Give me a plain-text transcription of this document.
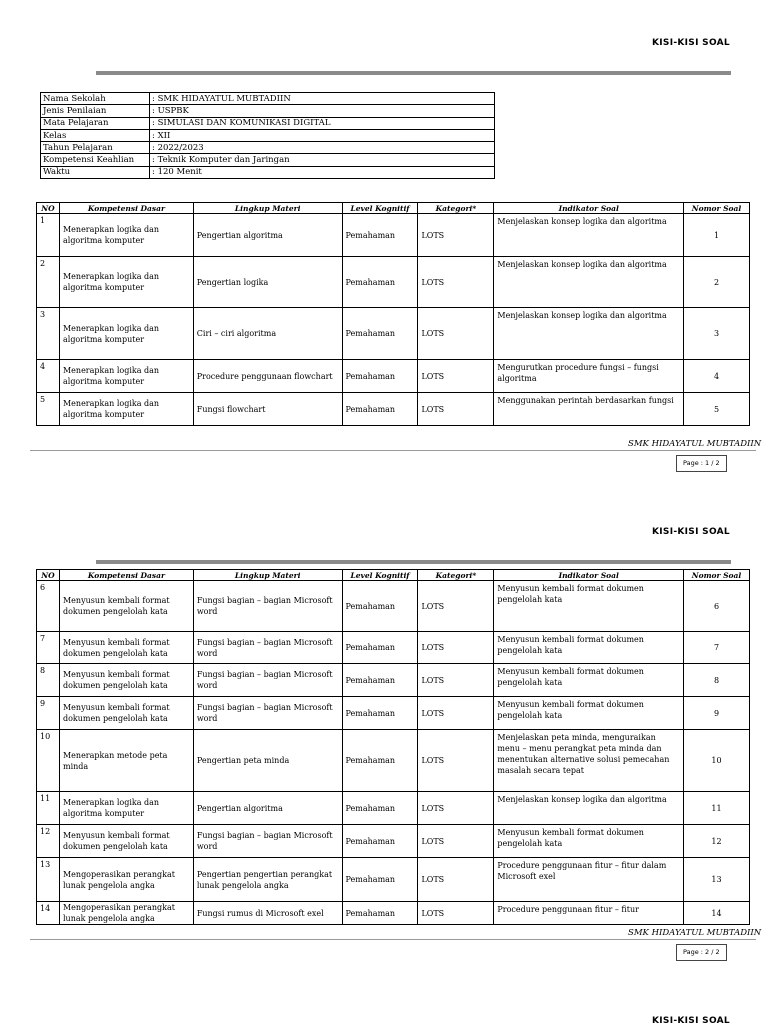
KISI-KISI SOAL
Nama Sekolah	: SMK HIDAYATUL MUBTADIIN
Jenis Penilaian	: USPBK
Mata Pelajaran	: SIMULASI DAN KOMUNIKASI DIGITAL
Kelas	: XII
Tahun Pelajaran	: 2022/2023
Kompetensi Keahlian	: Teknik Komputer dan Jaringan
Waktu	: 120 Menit
NO	Kompetensi Dasar	Lingkup Materi	Level Kognitif	Kategori*	Indikator Soal	Nomor Soal
1	Menerapkan logika dan algoritma komputer	Pengertian algoritma	Pemahaman	LOTS	Menjelaskan konsep logika dan algoritma	1
2	Menerapkan logika dan algoritma komputer	Pengertian logika	Pemahaman	LOTS	Menjelaskan konsep logika dan algoritma	2
3	Menerapkan logika dan algoritma komputer	Ciri – ciri algoritma	Pemahaman	LOTS	Menjelaskan konsep logika dan algoritma	3
4	Menerapkan logika dan algoritma komputer	Procedure penggunaan flowchart	Pemahaman	LOTS	Mengurutkan procedure fungsi – fungsi algoritma	4
5	Menerapkan logika dan algoritma komputer	Fungsi flowchart	Pemahaman	LOTS	Menggunakan perintah berdasarkan fungsi	5
SMK HIDAYATUL MUBTADIIN
Page : 1 / 2
KISI-KISI SOAL
NO	Kompetensi Dasar	Lingkup Materi	Level Kognitif	Kategori*	Indikator Soal	Nomor Soal
6	Menyusun kembali format dokumen pengelolah kata	Fungsi bagian – bagian Microsoft word	Pemahaman	LOTS	Menyusun kembali format dokumen pengelolah kata	6
7	Menyusun kembali format dokumen pengelolah kata	Fungsi bagian – bagian Microsoft word	Pemahaman	LOTS	Menyusun kembali format dokumen pengelolah kata	7
8	Menyusun kembali format dokumen pengelolah kata	Fungsi bagian – bagian Microsoft word	Pemahaman	LOTS	Menyusun kembali format dokumen pengelolah kata	8
9	Menyusun kembali format dokumen pengelolah kata	Fungsi bagian – bagian Microsoft word	Pemahaman	LOTS	Menyusun kembali format dokumen pengelolah kata	9
10	Menerapkan metode peta minda	Pengertian peta minda	Pemahaman	LOTS	Menjelaskan peta minda, menguraikan menu – menu perangkat peta minda dan menentukan alternative solusi pemecahan masalah secara tepat	10
11	Menerapkan logika dan algoritma komputer	Pengertian algoritma	Pemahaman	LOTS	Menjelaskan konsep logika dan algoritma	11
12	Menyusun kembali format dokumen pengelolah kata	Fungsi bagian – bagian Microsoft word	Pemahaman	LOTS	Menyusun kembali format dokumen pengelolah kata	12
13	Mengoperasikan perangkat lunak pengelola angka	Pengertian pengertian perangkat lunak pengelola angka	Pemahaman	LOTS	Procedure penggunaan fitur – fitur dalam Microsoft exel	13
14	Mengoperasikan perangkat lunak pengelola angka	Fungsi rumus di Microsoft exel	Pemahaman	LOTS	Procedure penggunaan fitur – fitur	14
SMK HIDAYATUL MUBTADIIN
Page : 2 / 2
KISI-KISI SOAL
